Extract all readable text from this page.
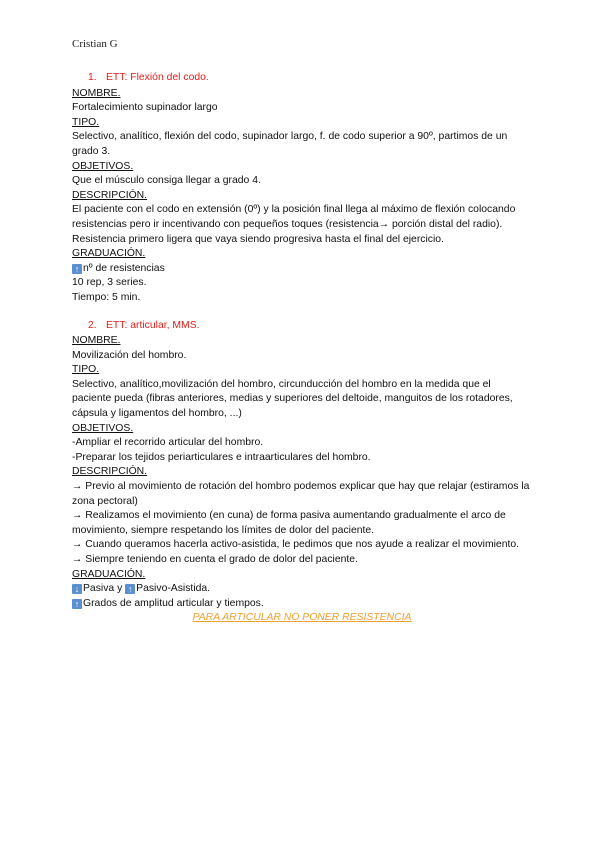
Cristian G
1. ETT: Flexión del codo.
NOMBRE.
Fortalecimiento supinador largo
TIPO.
Selectivo, analítico, flexión del codo, supinador largo, f. de codo superior a 90º, partimos de un grado 3.
OBJETIVOS.
Que el músculo consiga llegar a grado 4.
DESCRIPCIÓN.
El paciente con el codo en extensión (0º) y la posición final llega al máximo de flexión colocando resistencias pero ir incentivando con pequeños toques (resistencia→ porción distal del radio).
Resistencia primero ligera que vaya siendo progresiva hasta el final del ejercicio.
GRADUACIÓN.
↑ nº de resistencias
10 rep, 3 series.
Tiempo: 5 min.
2. ETT: articular, MMS.
NOMBRE.
Movilización del hombro.
TIPO.
Selectivo, analítico,movilización del hombro, circunducción del hombro en la medida que el paciente pueda (fibras anteriores, medias y superiores del deltoide, manguitos de los rotadores, cápsula y ligamentos del hombro, ...)
OBJETIVOS.
-Ampliar el recorrido articular del hombro.
-Preparar los tejidos periarticulares e intraarticulares del hombro.
DESCRIPCIÓN.
→ Previo al movimiento de rotación del hombro podemos explicar que hay que relajar (estiramos la zona pectoral)
→ Realizamos el movimiento (en cuna) de forma pasiva aumentando gradualmente el arco de movimiento, siempre respetando los límites de dolor del paciente.
→ Cuando queramos hacerla activo-asistida, le pedimos que nos ayude a realizar el movimiento.
→ Siempre teniendo en cuenta el grado de dolor del paciente.
GRADUACIÓN.
↓ Pasiva y ↑ Pasivo-Asistida.
↑ Grados de amplitud articular y tiempos.
PARA ARTICULAR NO PONER RESISTENCIA
